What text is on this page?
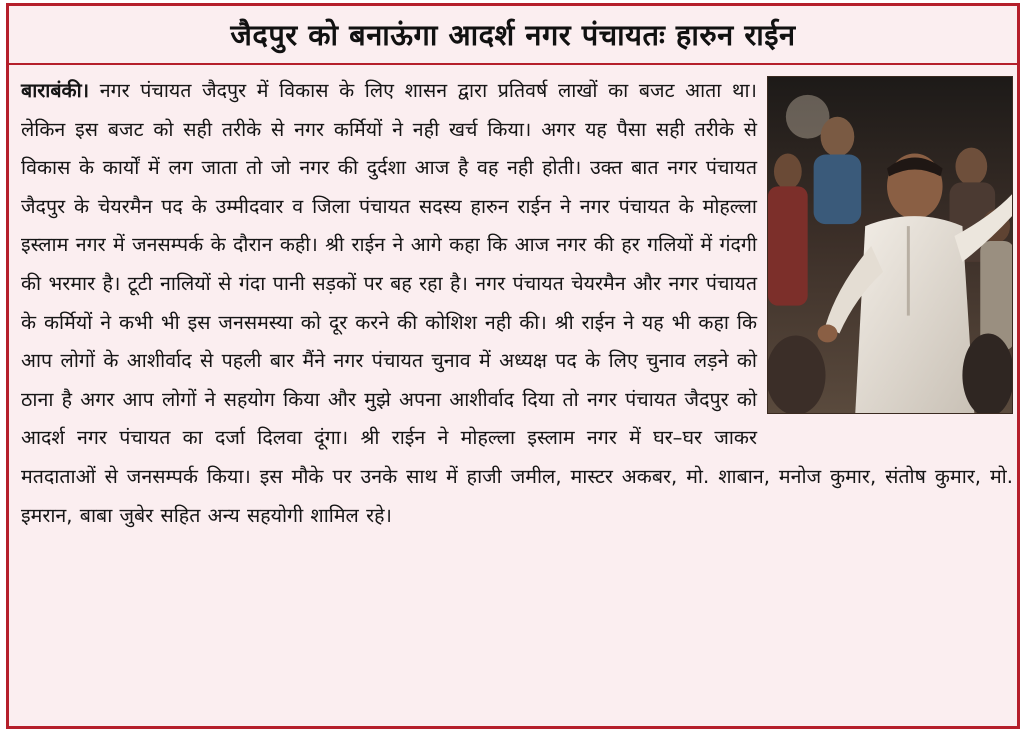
जैदपुर को बनाऊंगा आदर्श नगर पंचायतः हारुन राईन
बाराबंकी। नगर पंचायत जैदपुर में विकास के लिए शासन द्वारा प्रतिवर्ष लाखों का बजट आता था। लेकिन इस बजट को सही तरीके से नगर कर्मियों ने नही खर्च किया। अगर यह पैसा सही तरीके से विकास के कार्यों में लग जाता तो जो नगर की दुर्दशा आज है वह नही होती। उक्त बात नगर पंचायत जैदपुर के चेयरमैन पद के उम्मीदवार व जिला पंचायत सदस्य हारुन राईन ने नगर पंचायत के मोहल्ला इस्लाम नगर में जनसम्पर्क के दौरान कही। श्री राईन ने आगे कहा कि आज नगर की हर गलियों में गंदगी की भरमार है। टूटी नालियों से गंदा पानी सड़कों पर बह रहा है। नगर पंचायत चेयरमैन और नगर पंचायत के कर्मियों ने कभी भी इस जनसमस्या को दूर करने की कोशिश नही की। श्री राईन ने यह भी कहा कि आप लोगों के आशीर्वाद से पहली बार मैंने नगर पंचायत चुनाव में अध्यक्ष पद के लिए चुनाव लड़ने को ठाना है अगर आप लोगों ने सहयोग किया और मुझे अपना आशीर्वाद दिया तो नगर पंचायत जैदपुर को आदर्श नगर पंचायत का दर्जा दिलवा दूंगा। श्री राईन ने मोहल्ला इस्लाम नगर में घर–घर जाकर मतदाताओं से जनसम्पर्क किया। इस मौके पर उनके साथ में हाजी जमील, मास्टर अकबर, मो. शाबान, मनोज कुमार, संतोष कुमार, मो. इमरान, बाबा जुबेर सहित अन्य सहयोगी शामिल रहे।
